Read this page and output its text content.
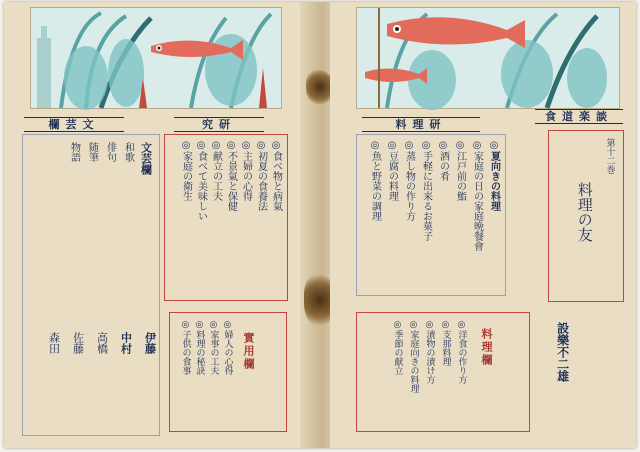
究研
欄芸文
◎食べ物と病氣
◎初夏の食養法
◎主婦の心得
◎不景氣と保健
◎献立の工夫
◎食べて美味しい
◎家庭の衛生
文芸欄
和歌
俳句
随筆
物語
伊藤
中村
高橋
佐藤
森田	實用欄
◎婦人の心得
◎家事の工夫
◎料理の秘訣
◎子供の食事
料理研
食道楽談
◎夏向きの料理
◎家庭の日の家庭晩餐會
◎江戸前の鮨
◎酒の肴
◎手軽に出来るお菓子
◎蒸し物の作り方
◎豆腐の料理
◎魚と野菜の調理	第十二巻
料理の友
設樂不二雄
料理欄
◎洋食の作り方
◎支那料理
◎漬物の漬け方
◎家庭向きの料理
◎季節の献立
